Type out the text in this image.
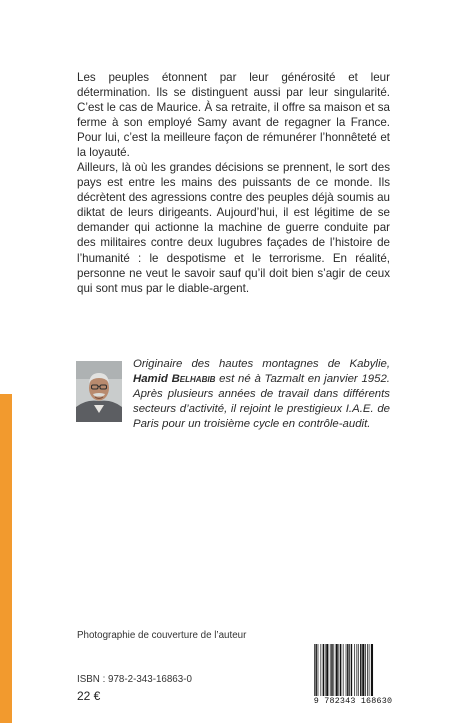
Les peuples étonnent par leur générosité et leur détermination. Ils se distinguent aussi par leur singularité. C’est le cas de Maurice. À sa retraite, il offre sa maison et sa ferme à son employé Samy avant de regagner la France. Pour lui, c’est la meilleure façon de rémunérer l’honnêteté et la loyauté.

Ailleurs, là où les grandes décisions se prennent, le sort des pays est entre les mains des puissants de ce monde. Ils décrètent des agressions contre des peuples déjà soumis au diktat de leurs dirigeants. Aujourd’hui, il est légitime de se demander qui actionne la machine de guerre conduite par des militaires contre deux lugubres façades de l’histoire de l’humanité : le despotisme et le terrorisme. En réalité, personne ne veut le savoir sauf qu’il doit bien s’agir de ceux qui sont mus par le diable-argent.

Originaire des hautes montagnes de Kabylie, Hamid Belhabib est né à Tazmalt en janvier 1952. Après plusieurs années de travail dans différents secteurs d’activité, il rejoint le prestigieux I.A.E. de Paris pour un troisième cycle en contrôle-audit.
Photographie de couverture de l’auteur
ISBN : 978-2-343-16863-0
22 €	9 782343 168630
